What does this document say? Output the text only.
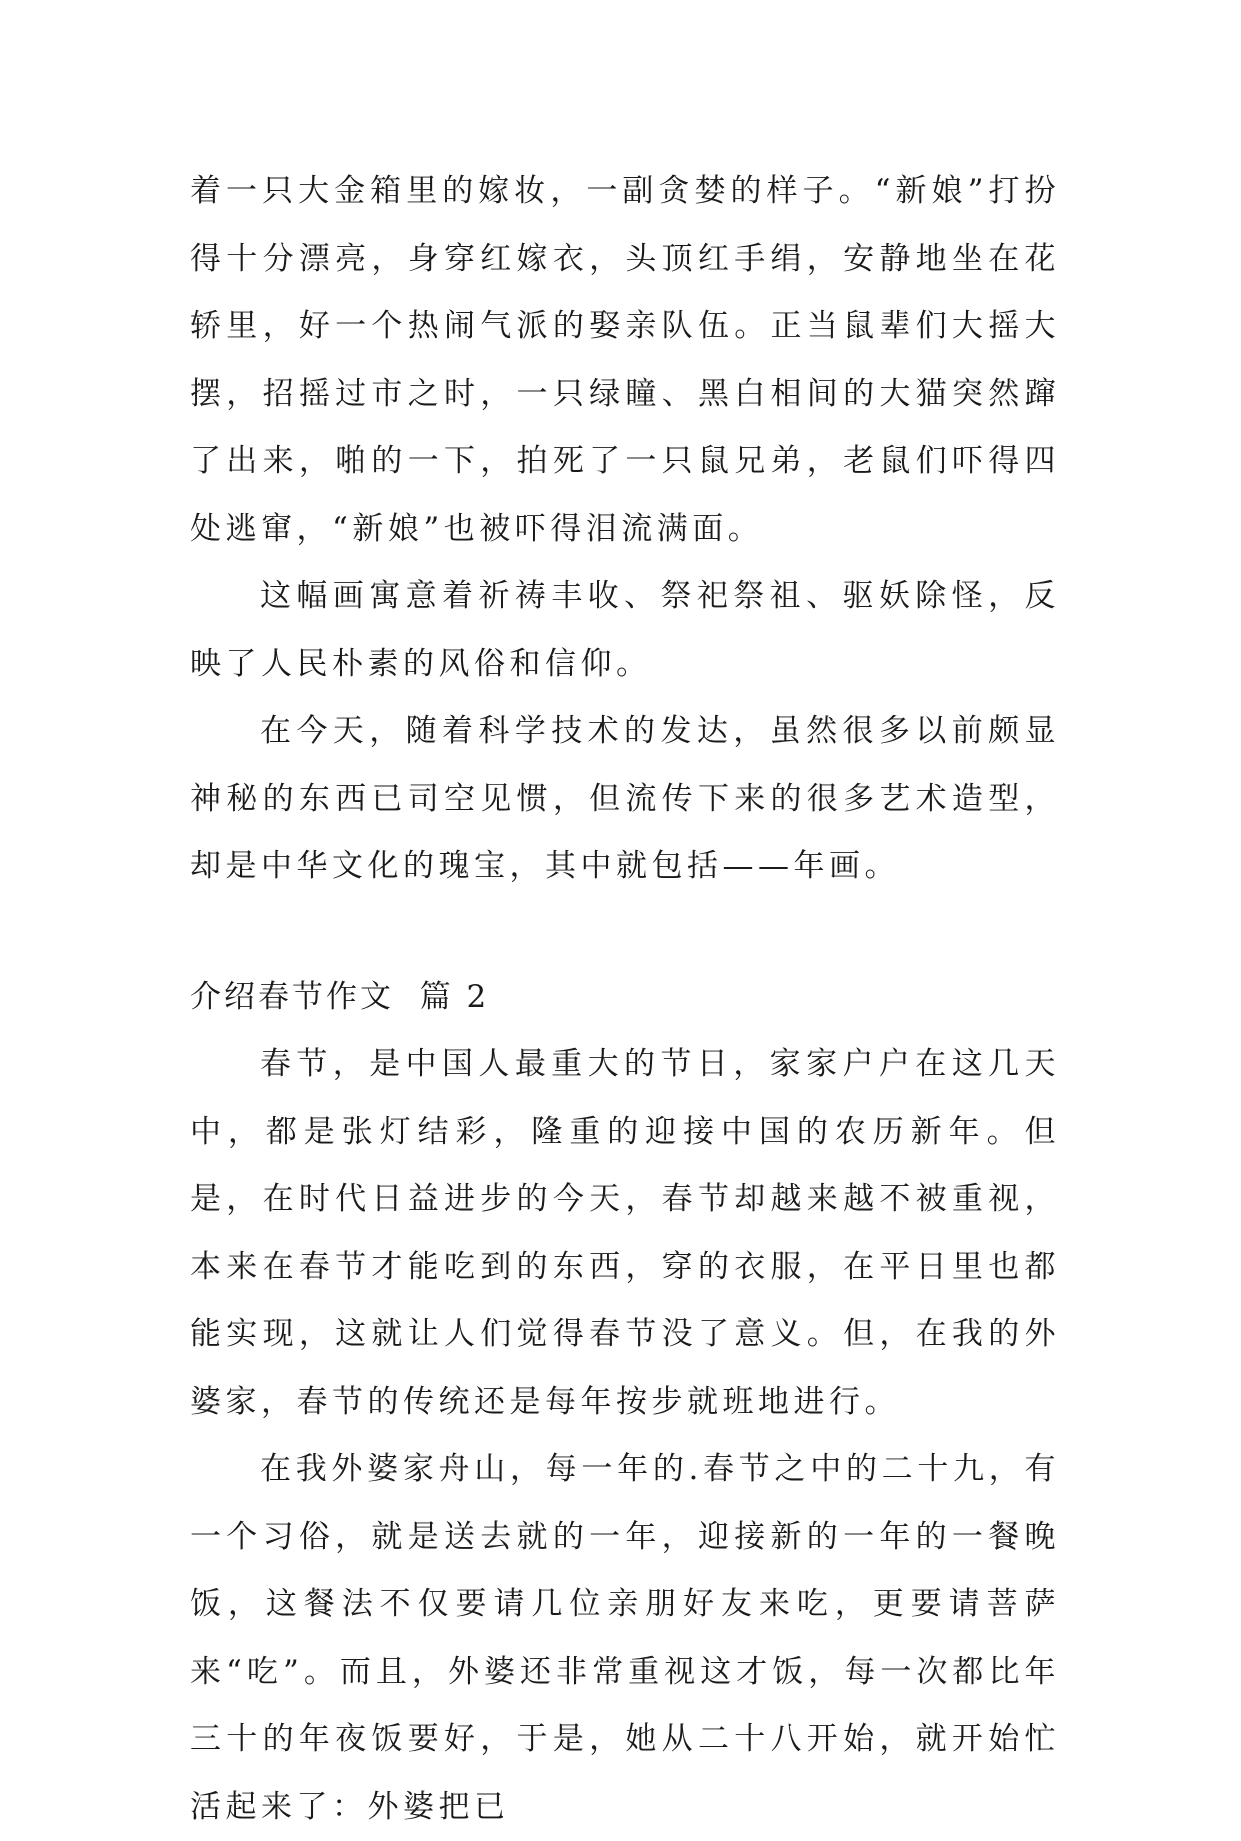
着一只大金箱里的嫁妆，一副贪婪的样子。“新娘”打扮得十分漂亮，身穿红嫁衣，头顶红手绢，安静地坐在花轿里，好一个热闹气派的娶亲队伍。正当鼠辈们大摇大摆，招摇过市之时，一只绿瞳、黑白相间的大猫突然蹿了出来，啪的一下，拍死了一只鼠兄弟，老鼠们吓得四处逃窜，“新娘”也被吓得泪流满面。

这幅画寓意着祈祷丰收、祭祀祭祖、驱妖除怪，反映了人民朴素的风俗和信仰。

在今天，随着科学技术的发达，虽然很多以前颇显神秘的东西已司空见惯，但流传下来的很多艺术造型，却是中华文化的瑰宝，其中就包括——年画。

介绍春节作文  篇 2

春节，是中国人最重大的节日，家家户户在这几天中，都是张灯结彩，隆重的迎接中国的农历新年。但是，在时代日益进步的今天，春节却越来越不被重视，本来在春节才能吃到的东西，穿的衣服，在平日里也都能实现，这就让人们觉得春节没了意义。但，在我的外婆家，春节的传统还是每年按步就班地进行。

在我外婆家舟山，每一年的.春节之中的二十九，有一个习俗，就是送去就的一年，迎接新的一年的一餐晚饭，这餐法不仅要请几位亲朋好友来吃，更要请菩萨来“吃”。而且，外婆还非常重视这才饭，每一次都比年三十的年夜饭要好，于是，她从二十八开始，就开始忙活起来了：外婆把已
